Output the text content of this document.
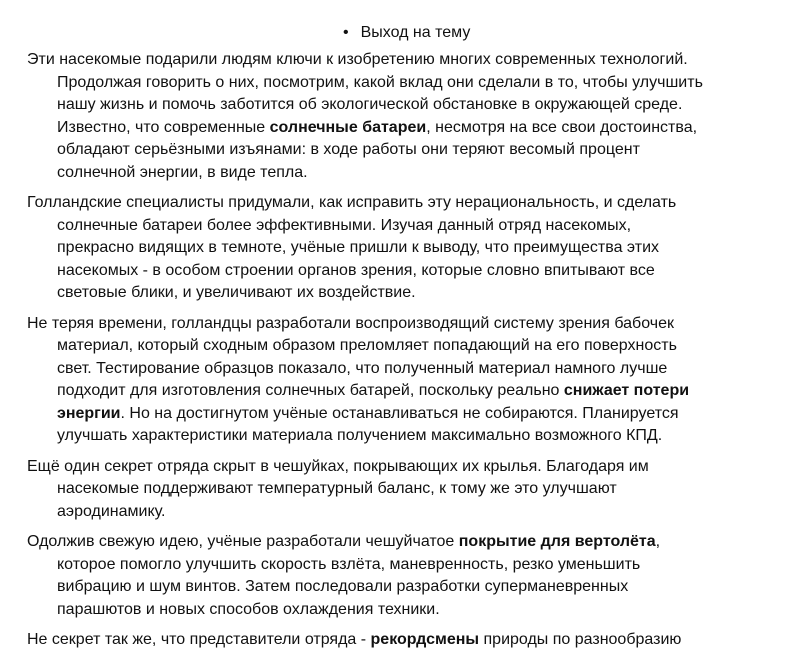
• Выход на тему

Эти насекомые подарили людям ключи к изобретению многих современных технологий.
Продолжая говорить о них, посмотрим, какой вклад они сделали в то, чтобы улучшить
нашу жизнь и помочь заботится об экологической обстановке в окружающей среде.
Известно, что современные солнечные батареи, несмотря на все свои достоинства,
обладают серьёзными изъянами: в ходе работы они теряют весомый процент
солнечной энергии, в виде тепла.

Голландские специалисты придумали, как исправить эту нерациональность, и сделать
солнечные батареи более эффективными. Изучая данный отряд насекомых,
прекрасно видящих в темноте, учёные пришли к выводу, что преимущества этих
насекомых - в особом строении органов зрения, которые словно впитывают все
световые блики, и увеличивают их воздействие.

Не теряя времени, голландцы разработали воспроизводящий систему зрения бабочек
материал, который сходным образом преломляет попадающий на его поверхность
свет. Тестирование образцов показало, что полученный материал намного лучше
подходит для изготовления солнечных батарей, поскольку реально снижает потери
энергии. Но на достигнутом учёные останавливаться не собираются. Планируется
улучшать характеристики материала получением максимально возможного КПД.

Ещё один секрет отряда скрыт в чешуйках, покрывающих их крылья. Благодаря им
насекомые поддерживают температурный баланс, к тому же это улучшают
аэродинамику.

Одолжив свежую идею, учёные разработали чешуйчатое покрытие для вертолёта,
которое помогло улучшить скорость взлёта, маневренность, резко уменьшить
вибрацию и шум винтов. Затем последовали разработки суперманевренных
парашютов и новых способов охлаждения техники.

Не секрет так же, что представители отряда - рекордсмены природы по разнообразию
